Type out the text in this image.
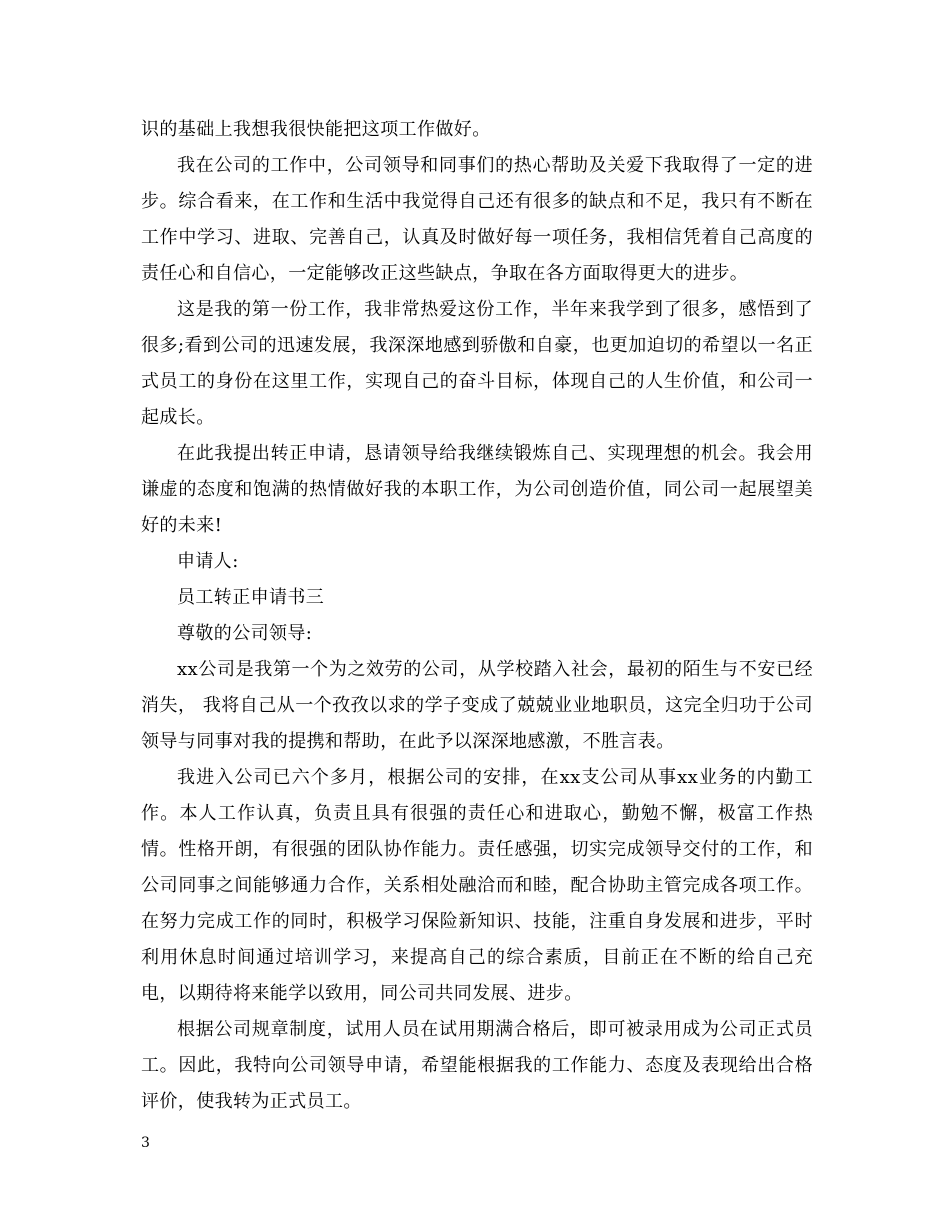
识的基础上我想我很快能把这项工作做好。

我在公司的工作中，公司领导和同事们的热心帮助及关爱下我取得了一定的进步。综合看来，在工作和生活中我觉得自己还有很多的缺点和不足，我只有不断在工作中学习、进取、完善自己，认真及时做好每一项任务，我相信凭着自己高度的责任心和自信心，一定能够改正这些缺点，争取在各方面取得更大的进步。

这是我的第一份工作，我非常热爱这份工作，半年来我学到了很多，感悟到了很多;看到公司的迅速发展，我深深地感到骄傲和自豪，也更加迫切的希望以一名正式员工的身份在这里工作，实现自己的奋斗目标，体现自己的人生价值，和公司一起成长。

在此我提出转正申请，恳请领导给我继续锻炼自己、实现理想的机会。我会用谦虚的态度和饱满的热情做好我的本职工作，为公司创造价值，同公司一起展望美好的未来!

申请人:

员工转正申请书三

尊敬的公司领导:

xx公司是我第一个为之效劳的公司，从学校踏入社会，最初的陌生与不安已经消失， 我将自己从一个孜孜以求的学子变成了兢兢业业地职员，这完全归功于公司领导与同事对我的提携和帮助，在此予以深深地感激，不胜言表。

我进入公司已六个多月，根据公司的安排，在xx支公司从事xx业务的内勤工作。本人工作认真，负责且具有很强的责任心和进取心，勤勉不懈，极富工作热情。性格开朗，有很强的团队协作能力。责任感强，切实完成领导交付的工作，和公司同事之间能够通力合作，关系相处融洽而和睦，配合协助主管完成各项工作。在努力完成工作的同时，积极学习保险新知识、技能，注重自身发展和进步，平时利用休息时间通过培训学习，来提高自己的综合素质，目前正在不断的给自己充电，以期待将来能学以致用，同公司共同发展、进步。

根据公司规章制度，试用人员在试用期满合格后，即可被录用成为公司正式员工。因此，我特向公司领导申请，希望能根据我的工作能力、态度及表现给出合格评价，使我转为正式员工。

3
